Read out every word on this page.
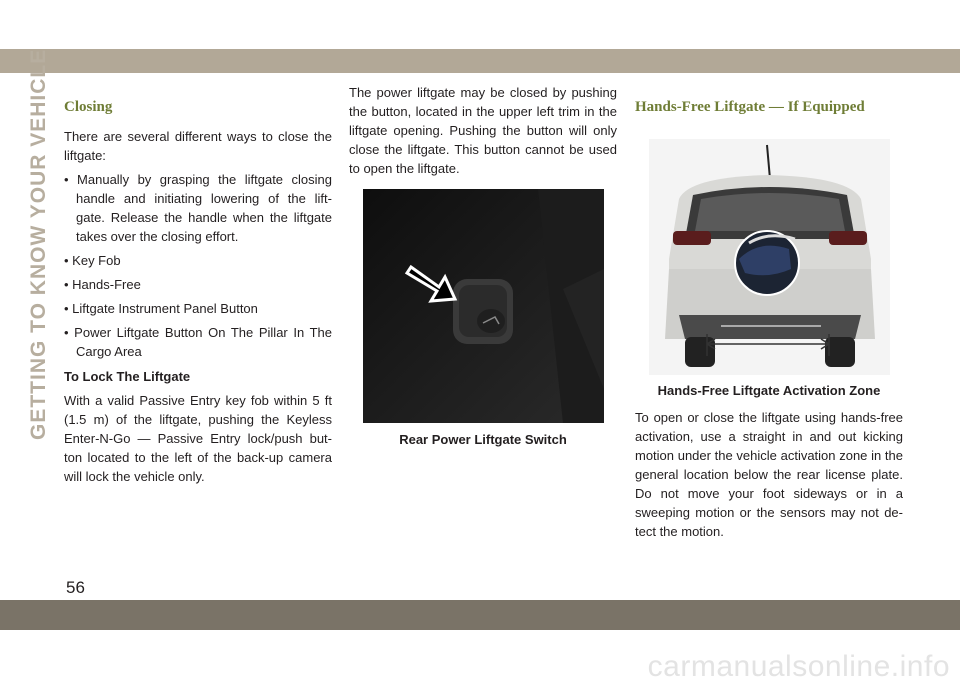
GETTING TO KNOW YOUR VEHICLE Closing

There are several different ways to close the liftgate:

• Manually by grasping the liftgate closing handle and initiating lowering of the lift- gate. Release the handle when the liftgate takes over the closing effort.
• Key Fob
• Hands-Free
• Liftgate Instrument Panel Button
• Power Liftgate Button On The Pillar In The Cargo Area
To Lock The Liftgate

With a valid Passive Entry key fob within 5 ft (1.5 m) of the liftgate, pushing the Keyless Enter-N-Go — Passive Entry lock/push but- ton located to the left of the back-up camera will lock the vehicle only.

The power liftgate may be closed by pushing the button, located in the upper left trim in the liftgate opening. Pushing the button will only close the liftgate. This button cannot be used to open the liftgate.

Rear Power Liftgate Switch
Hands-Free Liftgate — If Equipped
Hands-Free Liftgate Activation Zone

To open or close the liftgate using hands-free activation, use a straight in and out kicking motion under the vehicle activation zone in the general location below the rear license plate. Do not move your foot sideways or in a sweeping motion or the sensors may not de- tect the motion.

56
carmanualsonline.info
